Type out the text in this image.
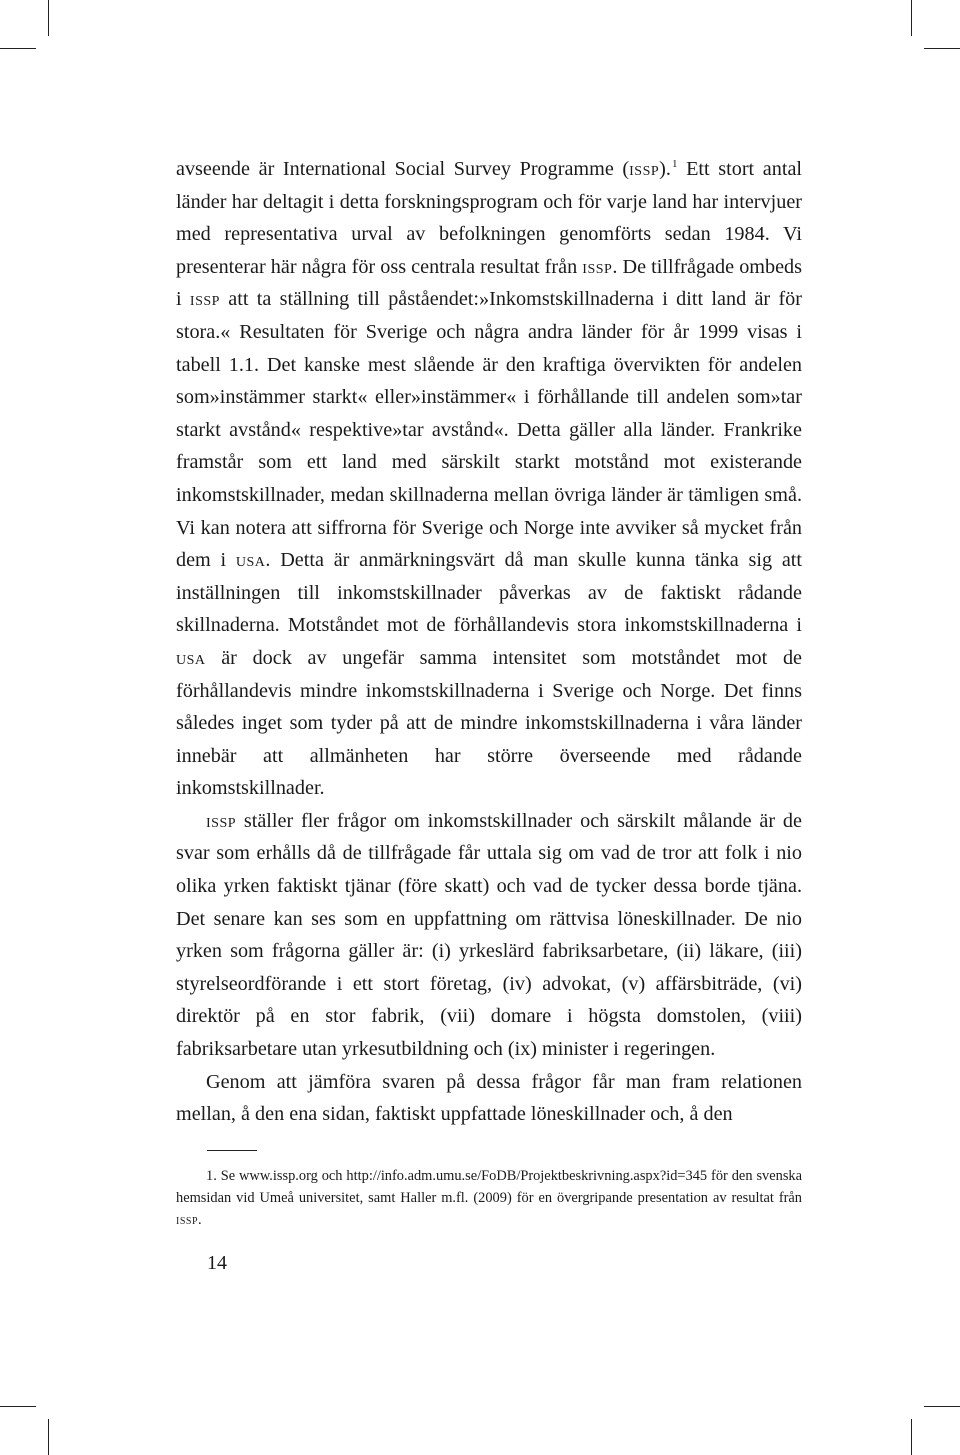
avseende är International Social Survey Programme (issp).$^1$ Ett stort antal länder har deltagit i detta forskningsprogram och för varje land har intervjuer med representativa urval av befolkningen genomförts sedan 1984. Vi presenterar här några för oss centrala resultat från issp. De tillfrågade ombeds i issp att ta ställning till påståendet:»Inkomstskillnaderna i ditt land är för stora.« Resultaten för Sverige och några andra länder för år 1999 visas i tabell 1.1. Det kanske mest slående är den kraftiga övervikten för andelen som»instämmer starkt« eller»instämmer« i förhållande till andelen som»tar starkt avstånd« respektive»tar avstånd«. Detta gäller alla länder. Frankrike framstår som ett land med särskilt starkt motstånd mot existerande inkomstskillnader, medan skillnaderna mellan övriga länder är tämligen små. Vi kan notera att siffrorna för Sverige och Norge inte avviker så mycket från dem i usa. Detta är anmärkningsvärt då man skulle kunna tänka sig att inställningen till inkomstskillnader påverkas av de faktiskt rådande skillnaderna. Motståndet mot de förhållandevis stora inkomstskillnaderna i usa är dock av ungefär samma intensitet som motståndet mot de förhållandevis mindre inkomstskillnaderna i Sverige och Norge. Det finns således inget som tyder på att de mindre inkomstskillnaderna i våra länder innebär att allmänheten har större överseende med rådande inkomstskillnader.

issp ställer fler frågor om inkomstskillnader och särskilt målande är de svar som erhålls då de tillfrågade får uttala sig om vad de tror att folk i nio olika yrken faktiskt tjänar (före skatt) och vad de tycker dessa borde tjäna. Det senare kan ses som en uppfattning om rättvisa löneskillnader. De nio yrken som frågorna gäller är: (i) yrkeslärd fabriksarbetare, (ii) läkare, (iii) styrelseordförande i ett stort företag, (iv) advokat, (v) affärsbiträde, (vi) direktör på en stor fabrik, (vii) domare i högsta domstolen, (viii) fabriksarbetare utan yrkesutbildning och (ix) minister i regeringen.

Genom att jämföra svaren på dessa frågor får man fram relationen mellan, å den ena sidan, faktiskt uppfattade löneskillnader och, å den

1. Se www.issp.org och http://info.adm.umu.se/FoDB/Projektbeskrivning.aspx?id=345 för den svenska hemsidan vid Umeå universitet, samt Haller m.fl. (2009) för en övergripande presentation av resultat från issp.

14
